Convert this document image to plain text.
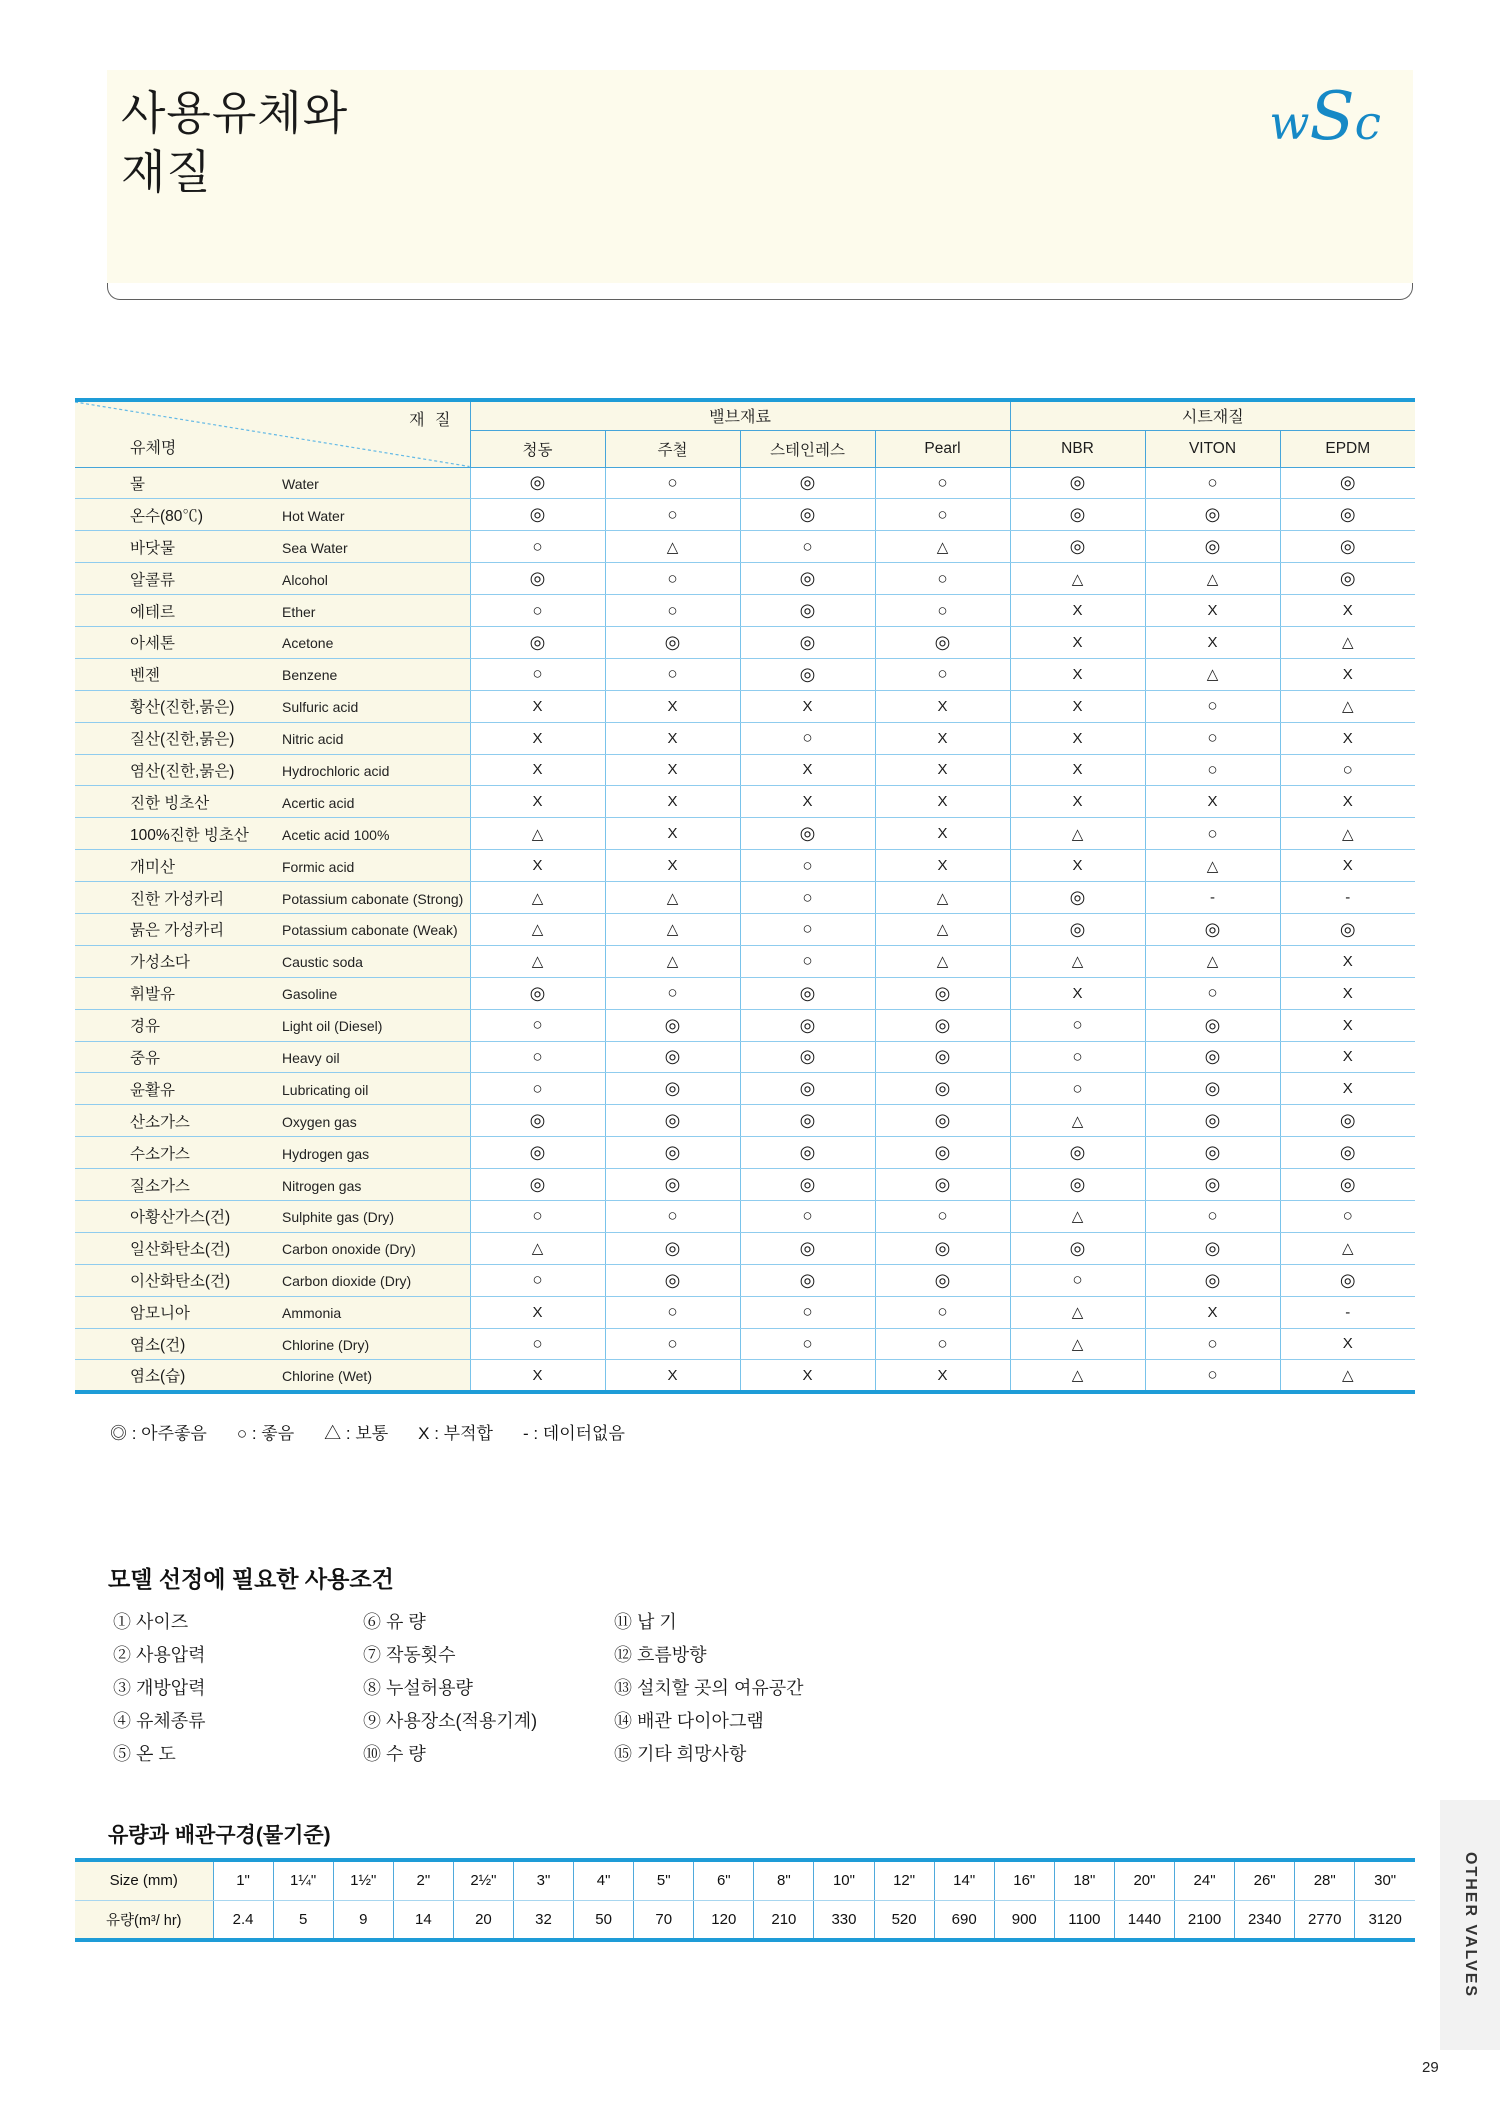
사용유체와
재질
wSc
재 질
유체명	밸브재료				시트재질		
	청동	주철	스테인레스	Pearl	NBR	VITON	EPDM
물 Water	◎	○	◎	○	◎	○	◎
온수(80℃) Hot Water	◎	○	◎	○	◎	◎	◎
바닷물 Sea Water	○	△	○	△	◎	◎	◎
알콜류 Alcohol	◎	○	◎	○	△	△	◎
에테르 Ether	○	○	◎	○	X	X	X
아세톤 Acetone	◎	◎	◎	◎	X	X	△
벤젠 Benzene	○	○	◎	○	X	△	X
황산(진한,묽은) Sulfuric acid	X	X	X	X	X	○	△
질산(진한,묽은) Nitric acid	X	X	○	X	X	○	X
염산(진한,묽은) Hydrochloric acid	X	X	X	X	X	○	○
진한 빙초산 Acertic acid	X	X	X	X	X	X	X
100%진한 빙초산 Acetic acid 100%	△	X	◎	X	△	○	△
개미산 Formic acid	X	X	○	X	X	△	X
진한 가성카리 Potassium cabonate (Strong)	△	△	○	△	◎	-	-
묽은 가성카리 Potassium cabonate (Weak)	△	△	○	△	◎	◎	◎
가성소다 Caustic soda	△	△	○	△	△	△	X
휘발유 Gasoline	◎	○	◎	◎	X	○	X
경유 Light oil (Diesel)	○	◎	◎	◎	○	◎	X
중유 Heavy oil	○	◎	◎	◎	○	◎	X
윤활유 Lubricating oil	○	◎	◎	◎	○	◎	X
산소가스 Oxygen gas	◎	◎	◎	◎	△	◎	◎
수소가스 Hydrogen gas	◎	◎	◎	◎	◎	◎	◎
질소가스 Nitrogen gas	◎	◎	◎	◎	◎	◎	◎
아황산가스(건) Sulphite gas (Dry)	○	○	○	○	△	○	○
일산화탄소(건) Carbon onoxide (Dry)	△	◎	◎	◎	◎	◎	△
이산화탄소(건) Carbon dioxide (Dry)	○	◎	◎	◎	○	◎	◎
암모니아 Ammonia	X	○	○	○	△	X	-
염소(건) Chlorine (Dry)	○	○	○	○	△	○	X
염소(습) Chlorine (Wet)	X	X	X	X	△	○	△
◎ : 아주좋음 ○ : 좋음 △ : 보통 X : 부적합 - : 데이터없음
모델 선정에 필요한 사용조건
① 사이즈
② 사용압력
③ 개방압력
④ 유체종류
⑤ 온 도
⑥ 유 량
⑦ 작동횟수
⑧ 누설허용량
⑨ 사용장소(적용기계)
⑩ 수 량
⑪ 납 기
⑫ 흐름방향
⑬ 설치할 곳의 여유공간
⑭ 배관 다이아그램
⑮ 기타 희망사항
유량과 배관구경(물기준)
Size (mm)	1"	1¼"	1½"	2"	2½"	3"	4"	5"	6"	8"	10"	12"	14"	16"	18"	20"	24"	26"	28"	30"
유량(m³/ hr)	2.4	5	9	14	20	32	50	70	120	210	330	520	690	900	1100	1440	2100	2340	2770	3120	OTHER VALVES
29
